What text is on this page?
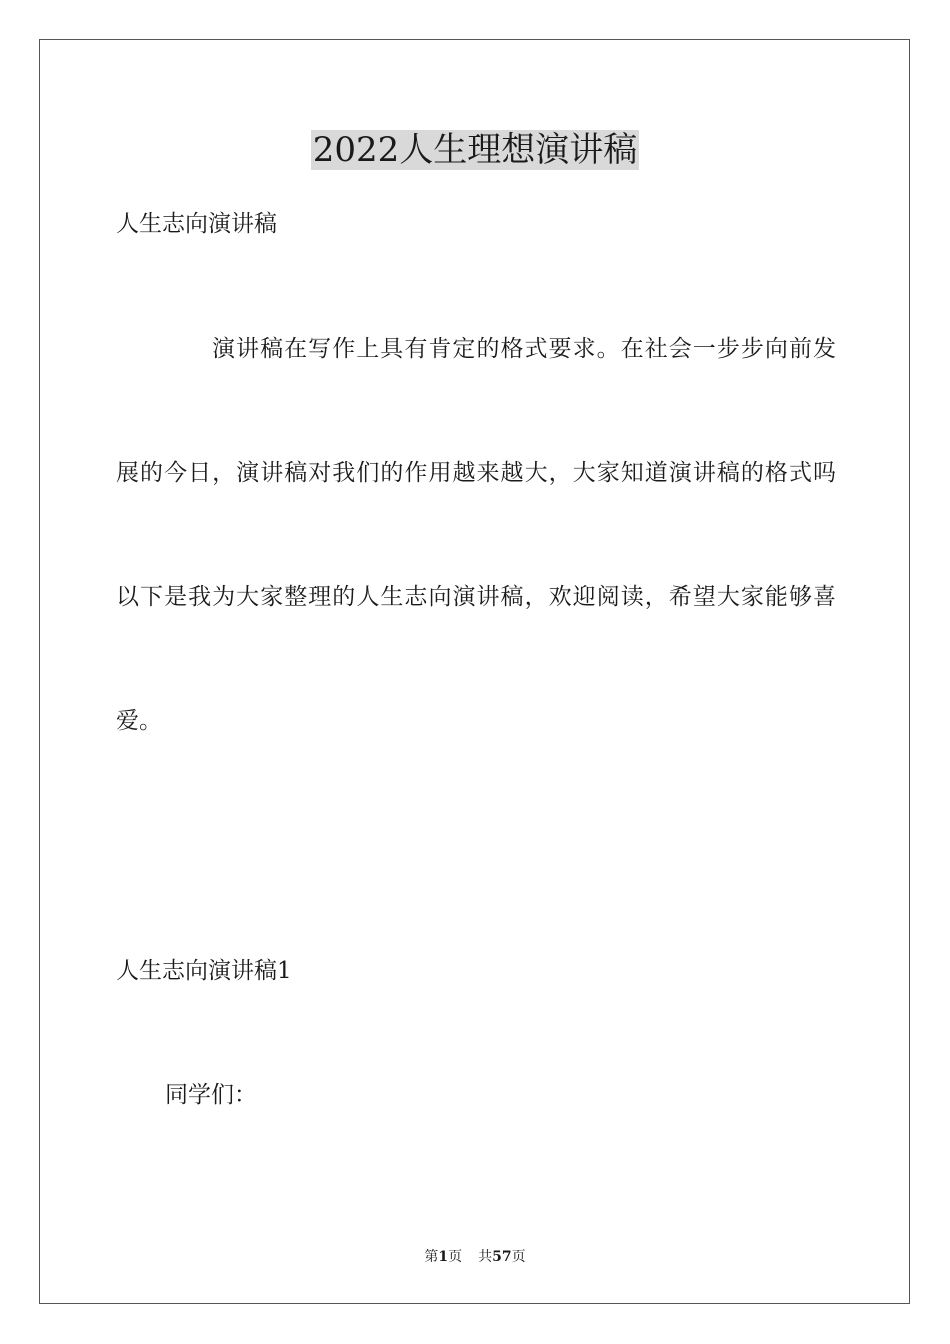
2022人生理想演讲稿

人生志向演讲稿

演讲稿在写作上具有肯定的格式要求。在社会一步步向前发

展的今日，演讲稿对我们的作用越来越大，大家知道演讲稿的格式吗

以下是我为大家整理的人生志向演讲稿，欢迎阅读，希望大家能够喜

爱。

人生志向演讲稿1

同学们：

第1页 共57页
